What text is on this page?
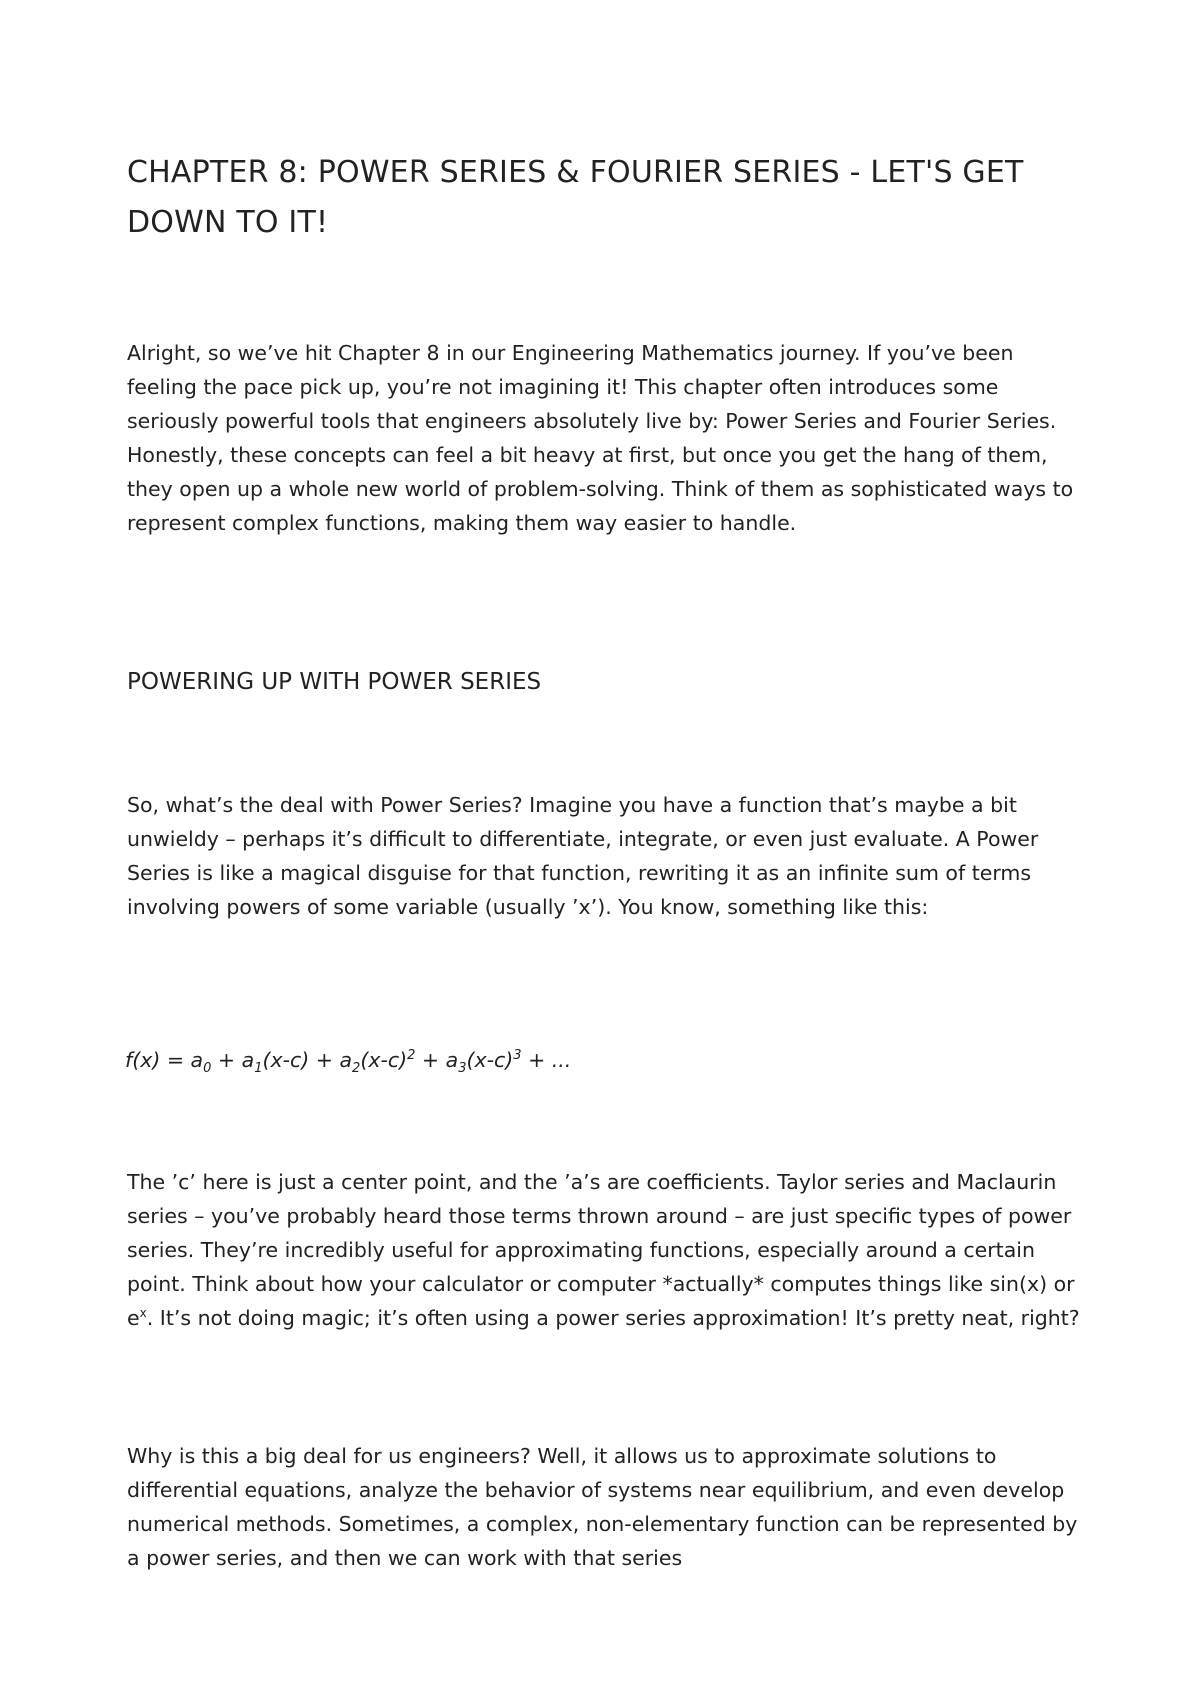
CHAPTER 8: POWER SERIES & FOURIER SERIES - LET'S GET DOWN TO IT!

Alright, so we’ve hit Chapter 8 in our Engineering Mathematics journey. If you’ve been feeling the pace pick up, you’re not imagining it! This chapter often introduces some seriously powerful tools that engineers absolutely live by: Power Series and Fourier Series. Honestly, these concepts can feel a bit heavy at first, but once you get the hang of them, they open up a whole new world of problem-solving. Think of them as sophisticated ways to represent complex functions, making them way easier to handle.

POWERING UP WITH POWER SERIES

So, what’s the deal with Power Series? Imagine you have a function that’s maybe a bit unwieldy – perhaps it’s difficult to differentiate, integrate, or even just evaluate. A Power Series is like a magical disguise for that function, rewriting it as an infinite sum of terms involving powers of some variable (usually ’x’). You know, something like this:

$f(x) = a_0 + a_1(x-c) + a_2(x-c)^2 + a_3(x-c)^3$ + ...

The ’c’ here is just a center point, and the ’a’s are coefficients. Taylor series and Maclaurin series – you’ve probably heard those terms thrown around – are just specific types of power series. They’re incredibly useful for approximating functions, especially around a certain point. Think about how your calculator or computer *actually* computes things like sin(x) or $e^x$. It’s not doing magic; it’s often using a power series approximation! It’s pretty neat, right?

Why is this a big deal for us engineers? Well, it allows us to approximate solutions to differential equations, analyze the behavior of systems near equilibrium, and even develop numerical methods. Sometimes, a complex, non-elementary function can be represented by a power series, and then we can work with that series
